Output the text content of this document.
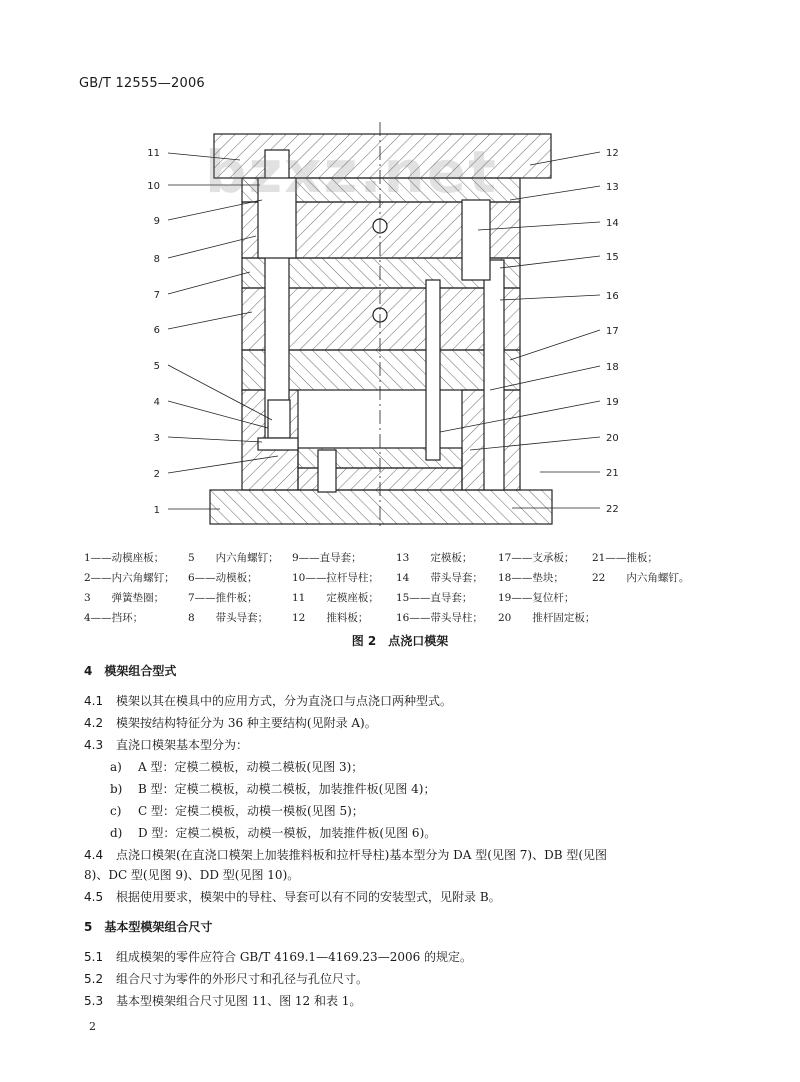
GB/T 12555—2006
11
10
9
8
7
6
5
4
3
2
1
12
13
14
15
16
17
18
19
20
21
22
bzxz.net
1——动模座板； 5　　内六角螺钉； 9——直导套；	13　　定模板； 17——支承板； 21——推板；
2——内六角螺钉； 6——动模板；	10——拉杆导柱； 14　　带头导套； 18——垫块；	22　　内六角螺钉。
3　　弹簧垫圈； 7——推件板；	11　　定模座板； 15——直导套； 19——复位杆；
4——挡环；	8　　带头导套； 12　　推料板；	16——带头导柱； 20　　推杆固定板；
图 2　点浇口模架
4　模架组合型式
4.1 模架以其在模具中的应用方式，分为直浇口与点浇口两种型式。
4.2 模架按结构特征分为 36 种主要结构(见附录 A)。
4.3 直浇口模架基本型分为：
a) A 型：定模二模板，动模二模板(见图 3)；
b) B 型：定模二模板，动模二模板，加装推件板(见图 4)；
c) C 型：定模二模板，动模一模板(见图 5)；
d) D 型：定模二模板，动模一模板，加装推件板(见图 6)。
4.4 点浇口模架(在直浇口模架上加装推料板和拉杆导柱)基本型分为 DA 型(见图 7)、DB 型(见图
8)、DC 型(见图 9)、DD 型(见图 10)。
4.5 根据使用要求，模架中的导柱、导套可以有不同的安装型式，见附录 B。
5　基本型模架组合尺寸
5.1 组成模架的零件应符合 GB/T 4169.1—4169.23—2006 的规定。
5.2 组合尺寸为零件的外形尺寸和孔径与孔位尺寸。
5.3 基本型模架组合尺寸见图 11、图 12 和表 1。
2
